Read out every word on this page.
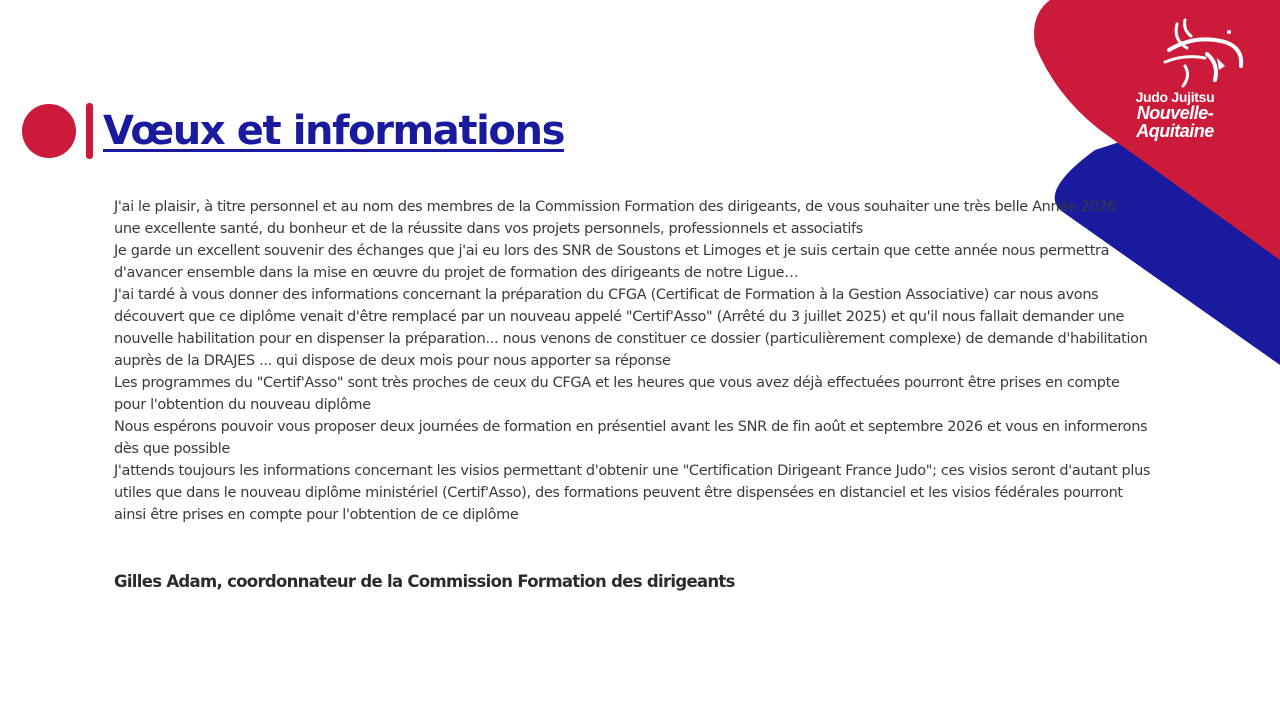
Judo Jujitsu
Nouvelle-
Aquitaine
Vœux et informations

J'ai le plaisir, à titre personnel et au nom des membres de la Commission Formation des dirigeants, de vous souhaiter une très belle Année 2026 : une excellente santé, du bonheur et de la réussite dans vos projets personnels, professionnels et associatifs

Je garde un excellent souvenir des échanges que j'ai eu lors des SNR de Soustons et Limoges et je suis certain que cette année nous permettra d'avancer ensemble dans la mise en œuvre du projet de formation des dirigeants de notre Ligue…

J'ai tardé à vous donner des informations concernant la préparation du CFGA (Certificat de Formation à la Gestion Associative) car nous avons découvert que ce diplôme venait d'être remplacé par un nouveau appelé "Certif'Asso" (Arrêté du 3 juillet 2025) et qu'il nous fallait demander une nouvelle habilitation pour en dispenser la préparation... nous venons de constituer ce dossier (particulièrement complexe) de demande d'habilitation auprès de la DRAJES ... qui dispose de deux mois pour nous apporter sa réponse

Les programmes du "Certif'Asso" sont très proches de ceux du CFGA et les heures que vous avez déjà effectuées pourront être prises en compte pour l'obtention du nouveau diplôme

Nous espérons pouvoir vous proposer deux journées de formation en présentiel avant les SNR de fin août et septembre 2026 et vous en informerons dès que possible

J'attends toujours les informations concernant les visios permettant d'obtenir une "Certification Dirigeant France Judo"; ces visios seront d'autant plus utiles que dans le nouveau diplôme ministériel (Certif'Asso), des formations peuvent être dispensées en distanciel et les visios fédérales pourront ainsi être prises en compte pour l'obtention de ce diplôme

Gilles Adam, coordonnateur de la Commission Formation des dirigeants
